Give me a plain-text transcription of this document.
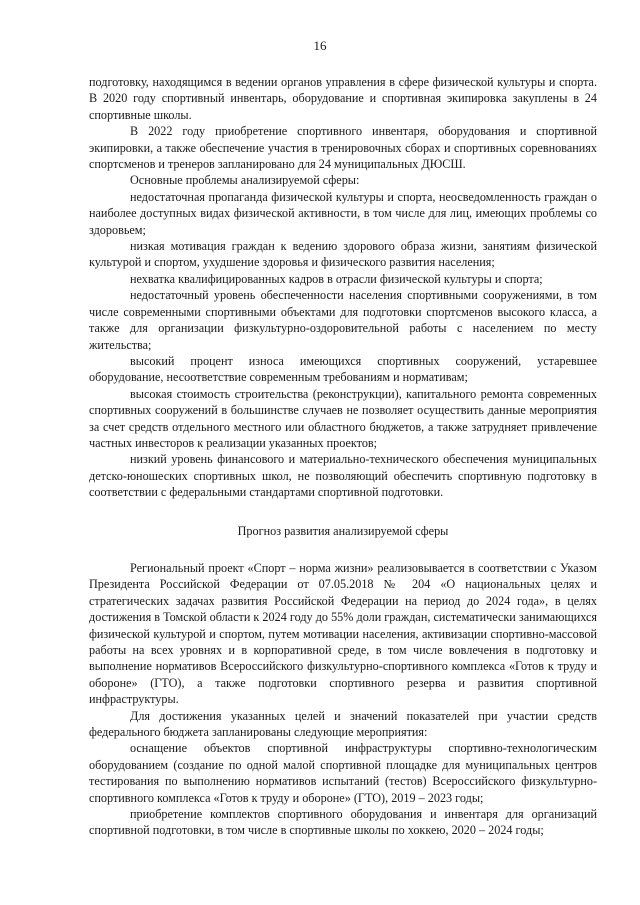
16

подготовку, находящимся в ведении органов управления в сфере физической культуры и спорта. В 2020 году спортивный инвентарь, оборудование и спортивная экипировка закуплены в 24 спортивные школы.

В 2022 году приобретение спортивного инвентаря, оборудования и спортивной экипировки, а также обеспечение участия в тренировочных сборах и спортивных соревнованиях спортсменов и тренеров запланировано для 24 муниципальных ДЮСШ.

Основные проблемы анализируемой сферы:

недостаточная пропаганда физической культуры и спорта, неосведомленность граждан о наиболее доступных видах физической активности, в том числе для лиц, имеющих проблемы со здоровьем;

низкая мотивация граждан к ведению здорового образа жизни, занятиям физической культурой и спортом, ухудшение здоровья и физического развития населения;

нехватка квалифицированных кадров в отрасли физической культуры и спорта;

недостаточный уровень обеспеченности населения спортивными сооружениями, в том числе современными спортивными объектами для подготовки спортсменов высокого класса, а также для организации физкультурно-оздоровительной работы с населением по месту жительства;

высокий процент износа имеющихся спортивных сооружений, устаревшее оборудование, несоответствие современным требованиям и нормативам;

высокая стоимость строительства (реконструкции), капитального ремонта современных спортивных сооружений в большинстве случаев не позволяет осуществить данные мероприятия за счет средств отдельного местного или областного бюджетов, а также затрудняет привлечение частных инвесторов к реализации указанных проектов;

низкий уровень финансового и материально-технического обеспечения муниципальных детско-юношеских спортивных школ, не позволяющий обеспечить спортивную подготовку в соответствии с федеральными стандартами спортивной подготовки.

Прогноз развития анализируемой сферы

Региональный проект «Спорт – норма жизни» реализовывается в соответствии с Указом Президента Российской Федерации от 07.05.2018 № 204 «О национальных целях и стратегических задачах развития Российской Федерации на период до 2024 года», в целях достижения в Томской области к 2024 году до 55% доли граждан, систематически занимающихся физической культурой и спортом, путем мотивации населения, активизации спортивно-массовой работы на всех уровнях и в корпоративной среде, в том числе вовлечения в подготовку и выполнение нормативов Всероссийского физкультурно-спортивного комплекса «Готов к труду и обороне» (ГТО), а также подготовки спортивного резерва и развития спортивной инфраструктуры.

Для достижения указанных целей и значений показателей при участии средств федерального бюджета запланированы следующие мероприятия:

оснащение объектов спортивной инфраструктуры спортивно-технологическим оборудованием (создание по одной малой спортивной площадке для муниципальных центров тестирования по выполнению нормативов испытаний (тестов) Всероссийского физкультурно-спортивного комплекса «Готов к труду и обороне» (ГТО), 2019 – 2023 годы;

приобретение комплектов спортивного оборудования и инвентаря для организаций спортивной подготовки, в том числе в спортивные школы по хоккею, 2020 – 2024 годы;
